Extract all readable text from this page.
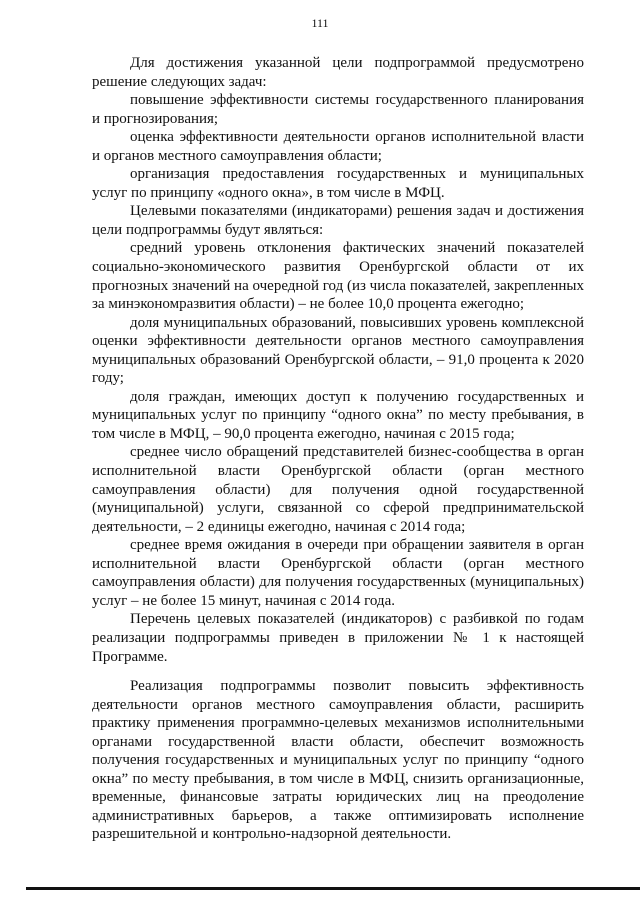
111

Для достижения указанной цели подпрограммой предусмотрено решение следующих задач:

повышение эффективности системы государственного планирования и прогнозирования;

оценка эффективности деятельности органов исполнительной власти и органов местного самоуправления области;

организация предоставления государственных и муниципальных услуг по принципу «одного окна», в том числе в МФЦ.

Целевыми показателями (индикаторами) решения задач и достижения цели подпрограммы будут являться:

средний уровень отклонения фактических значений показателей социально-экономического развития Оренбургской области от их прогнозных значений на очередной год (из числа показателей, закрепленных за минэкономразвития области) – не более 10,0 процента ежегодно;

доля муниципальных образований, повысивших уровень комплексной оценки эффективности деятельности органов местного самоуправления муниципальных образований Оренбургской области, – 91,0 процента к 2020 году;

доля граждан, имеющих доступ к получению государственных и муниципальных услуг по принципу “одного окна” по месту пребывания, в том числе в МФЦ, – 90,0 процента ежегодно, начиная с 2015 года;

среднее число обращений представителей бизнес-сообщества в орган исполнительной власти Оренбургской области (орган местного самоуправления области) для получения одной государственной (муниципальной) услуги, связанной со сферой предпринимательской деятельности, – 2 единицы ежегодно, начиная с 2014 года;

среднее время ожидания в очереди при обращении заявителя в орган исполнительной власти Оренбургской области (орган местного самоуправления области) для получения государственных (муниципальных) услуг – не более 15 минут, начиная с 2014 года.

Перечень целевых показателей (индикаторов) с разбивкой по годам реализации подпрограммы приведен в приложении № 1 к настоящей Программе.

Реализация подпрограммы позволит повысить эффективность деятельности органов местного самоуправления области, расширить практику применения программно-целевых механизмов исполнительными органами государственной власти области, обеспечит возможность получения государственных и муниципальных услуг по принципу “одного окна” по месту пребывания, в том числе в МФЦ, снизить организационные, временные, финансовые затраты юридических лиц на преодоление административных барьеров, а также оптимизировать исполнение разрешительной и контрольно-надзорной деятельности.
